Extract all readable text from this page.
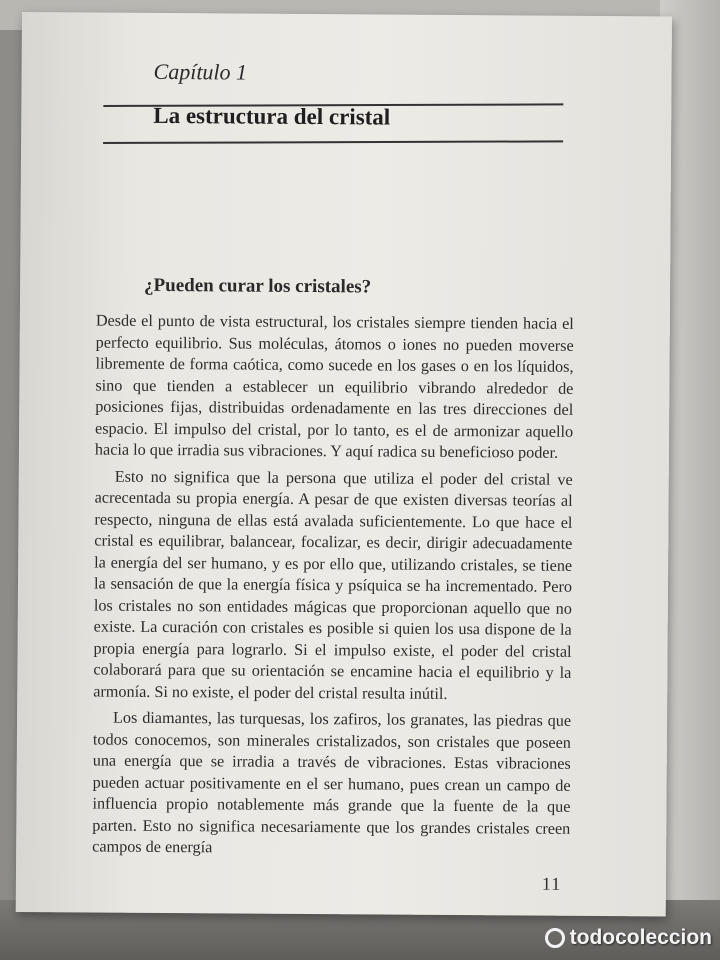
Capítulo 1
La estructura del cristal
¿Pueden curar los cristales?

Desde el punto de vista estructural, los cristales siempre tienden hacia el perfecto equilibrio. Sus moléculas, átomos o iones no pueden moverse libremente de forma caótica, como sucede en los gases o en los líquidos, sino que tienden a establecer un equilibrio vibrando alrededor de posiciones fijas, distribuidas ordenadamente en las tres direcciones del espacio. El impulso del cristal, por lo tanto, es el de armonizar aquello hacia lo que irradia sus vibraciones. Y aquí radica su beneficioso poder.

Esto no significa que la persona que utiliza el poder del cristal ve acrecentada su propia energía. A pesar de que existen diversas teorías al respecto, ninguna de ellas está avalada suficientemente. Lo que hace el cristal es equilibrar, balancear, focalizar, es decir, dirigir adecuadamente la energía del ser humano, y es por ello que, utilizando cristales, se tiene la sensación de que la energía física y psíquica se ha incrementado. Pero los cristales no son entidades mágicas que proporcionan aquello que no existe. La curación con cristales es posible si quien los usa dispone de la propia energía para lograrlo. Si el impulso existe, el poder del cristal colaborará para que su orientación se encamine hacia el equilibrio y la armonía. Si no existe, el poder del cristal resulta inútil.

Los diamantes, las turquesas, los zafiros, los granates, las piedras que todos conocemos, son minerales cristalizados, son cristales que poseen una energía que se irradia a través de vibraciones. Estas vibraciones pueden actuar positivamente en el ser humano, pues crean un campo de influencia propio notablemente más grande que la fuente de la que parten. Esto no significa necesariamente que los grandes cristales creen campos de energía

11
todocoleccion
